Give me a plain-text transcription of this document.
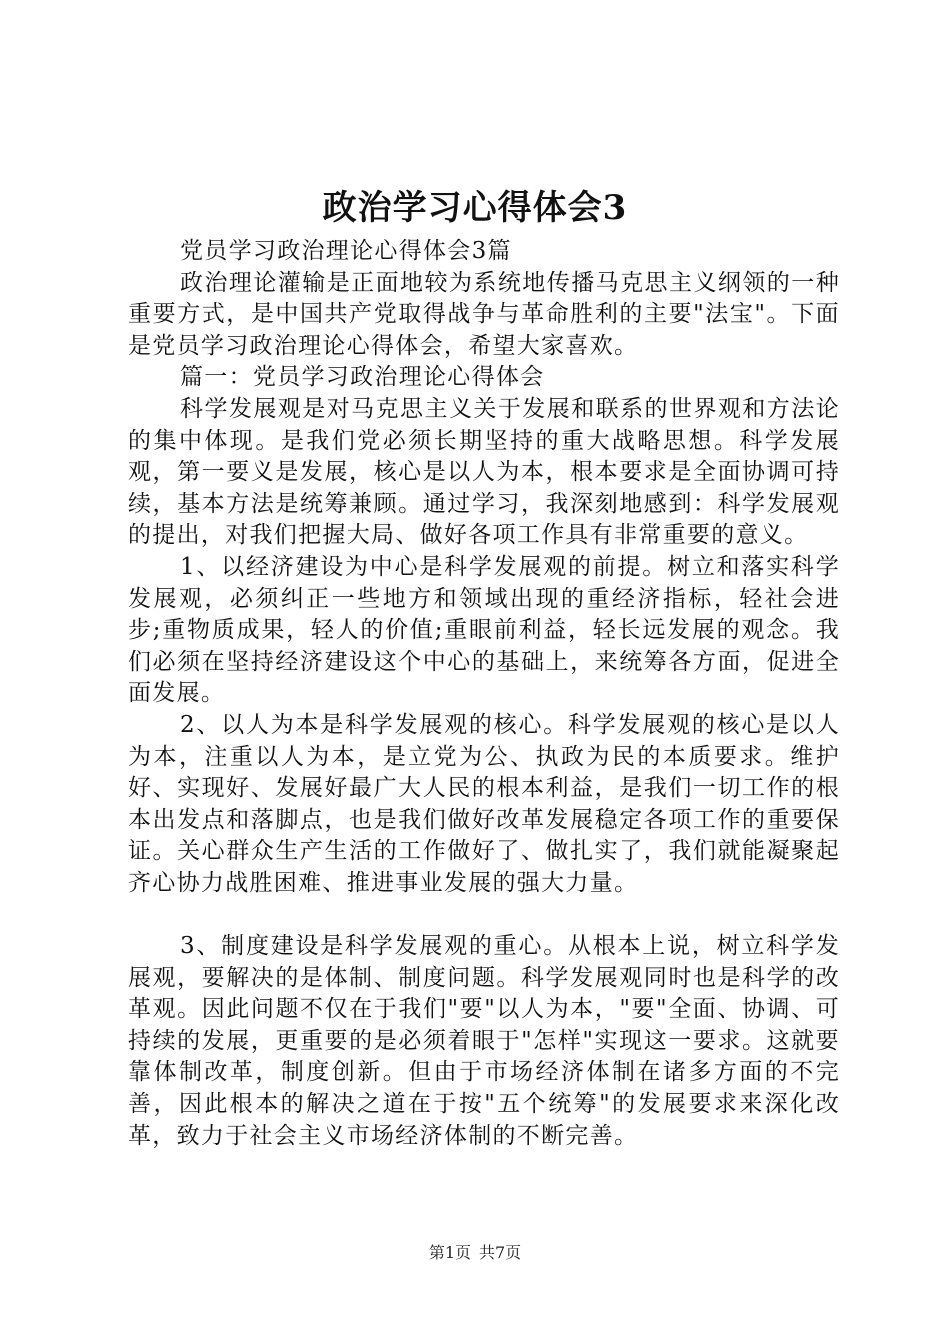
政治学习心得体会3

党员学习政治理论心得体会3篇

政治理论灌输是正面地较为系统地传播马克思主义纲领的一种重要方式，是中国共产党取得战争与革命胜利的主要"法宝"。下面是党员学习政治理论心得体会，希望大家喜欢。

篇一：党员学习政治理论心得体会

科学发展观是对马克思主义关于发展和联系的世界观和方法论的集中体现。是我们党必须长期坚持的重大战略思想。科学发展观，第一要义是发展，核心是以人为本，根本要求是全面协调可持续，基本方法是统筹兼顾。通过学习，我深刻地感到：科学发展观的提出，对我们把握大局、做好各项工作具有非常重要的意义。

1、以经济建设为中心是科学发展观的前提。树立和落实科学发展观，必须纠正一些地方和领域出现的重经济指标，轻社会进步;重物质成果，轻人的价值;重眼前利益，轻长远发展的观念。我们必须在坚持经济建设这个中心的基础上，来统筹各方面，促进全面发展。

2、以人为本是科学发展观的核心。科学发展观的核心是以人为本，注重以人为本，是立党为公、执政为民的本质要求。维护好、实现好、发展好最广大人民的根本利益，是我们一切工作的根本出发点和落脚点，也是我们做好改革发展稳定各项工作的重要保证。关心群众生产生活的工作做好了、做扎实了，我们就能凝聚起齐心协力战胜困难、推进事业发展的强大力量。

3、制度建设是科学发展观的重心。从根本上说，树立科学发展观，要解决的是体制、制度问题。科学发展观同时也是科学的改革观。因此问题不仅在于我们"要"以人为本，"要"全面、协调、可持续的发展，更重要的是必须着眼于"怎样"实现这一要求。这就要靠体制改革，制度创新。但由于市场经济体制在诸多方面的不完善，因此根本的解决之道在于按"五个统筹"的发展要求来深化改革，致力于社会主义市场经济体制的不断完善。

第1页 共7页
